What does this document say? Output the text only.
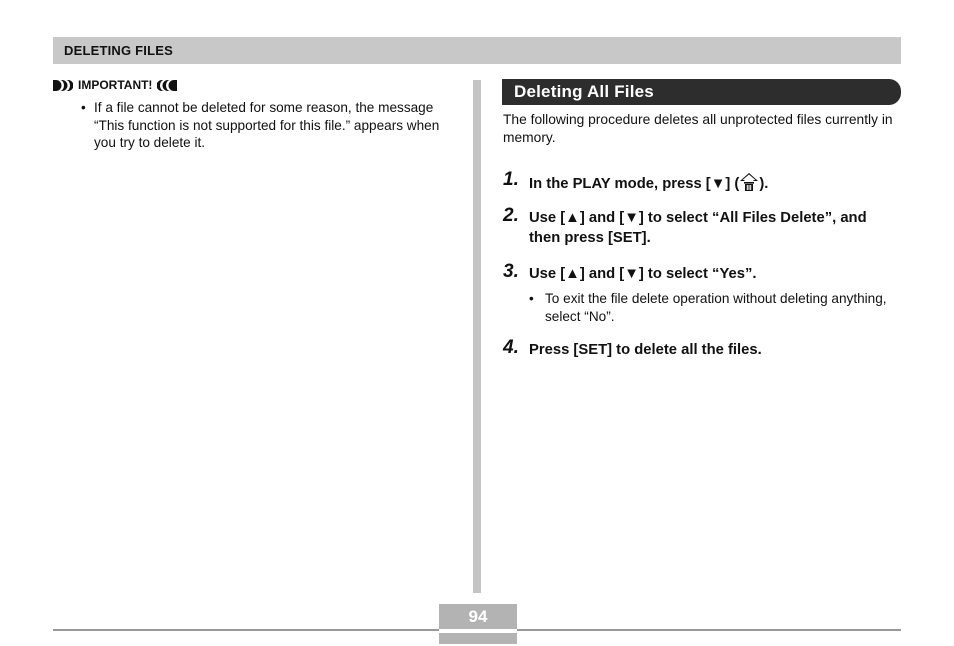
DELETING FILES
IMPORTANT!
• If a file cannot be deleted for some reason, the message “This function is not supported for this file.” appears when you try to delete it.
Deleting All Files
The following procedure deletes all unprotected files currently in memory.
1. In the PLAY mode, press [▼] ( ).
2. Use [▲] and [▼] to select “All Files Delete”, and then press [SET].
3. Use [▲] and [▼] to select “Yes”.
• To exit the file delete operation without deleting anything, select “No”.
4. Press [SET] to delete all the files.
94
